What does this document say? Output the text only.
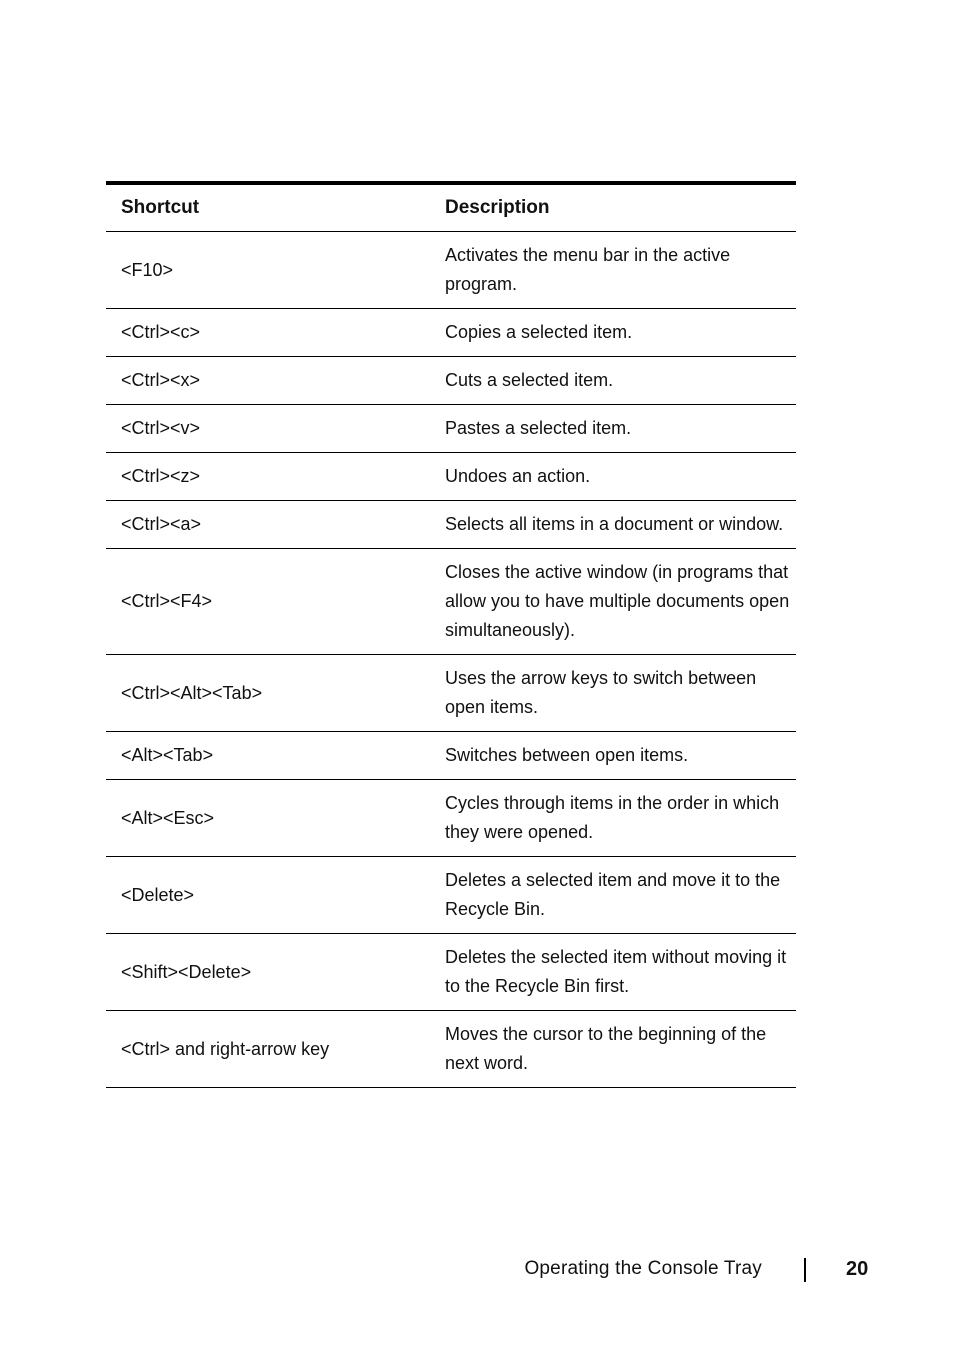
Shortcut	Description
<F10>	Activates the menu bar in the active program.
<Ctrl><c>	Copies a selected item.
<Ctrl><x>	Cuts a selected item.
<Ctrl><v>	Pastes a selected item.
<Ctrl><z>	Undoes an action.
<Ctrl><a>	Selects all items in a document or window.
<Ctrl><F4>	Closes the active window (in programs that allow you to have multiple documents open simultaneously).
<Ctrl><Alt><Tab>	Uses the arrow keys to switch between open items.
<Alt><Tab>	Switches between open items.
<Alt><Esc>	Cycles through items in the order in which they were opened.
<Delete>	Deletes a selected item and move it to the Recycle Bin.
<Shift><Delete>	Deletes the selected item without moving it to the Recycle Bin first.
<Ctrl> and right-arrow key	Moves the cursor to the beginning of the next word.
Operating the Console Tray	20
